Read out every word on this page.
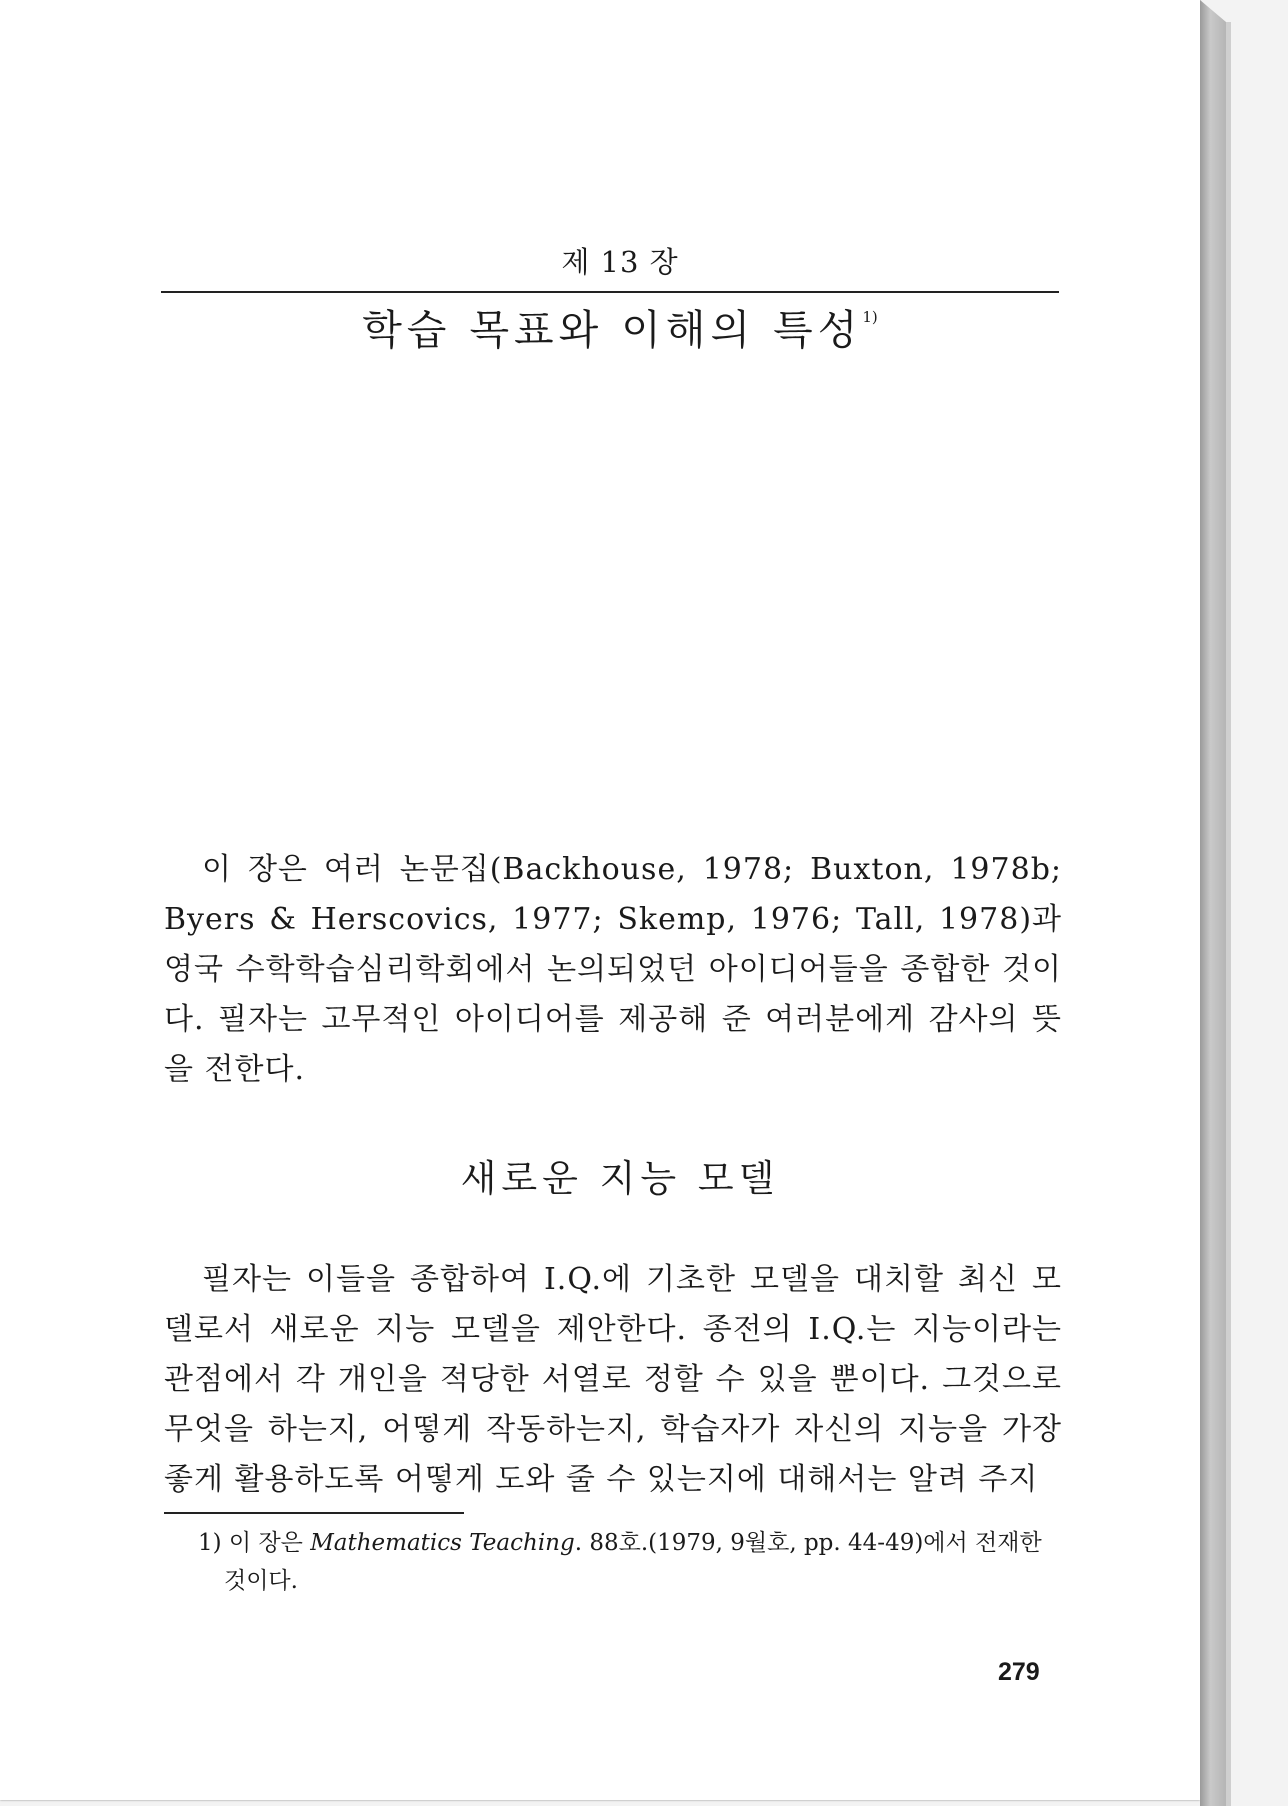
제 13 장
학습 목표와 이해의 특성$^{1)}$

이 장은 여러 논문집(Backhouse, 1978; Buxton, 1978b; Byers & Herscovics, 1977; Skemp, 1976; Tall, 1978)과 영국 수학학습심리학회에서 논의되었던 아이디어들을 종합한 것이다. 필자는 고무적인 아이디어를 제공해 준 여러분에게 감사의 뜻을 전한다.

새로운 지능 모델

필자는 이들을 종합하여 I.Q.에 기초한 모델을 대치할 최신 모델로서 새로운 지능 모델을 제안한다. 종전의 I.Q.는 지능이라는 관점에서 각 개인을 적당한 서열로 정할 수 있을 뿐이다. 그것으로 무엇을 하는지, 어떻게 작동하는지, 학습자가 자신의 지능을 가장 좋게 활용하도록 어떻게 도와 줄 수 있는지에 대해서는 알려 주지

1) 이 장은 Mathematics Teaching. 88호.(1979, 9월호, pp. 44-49)에서 전재한
것이다.

279
